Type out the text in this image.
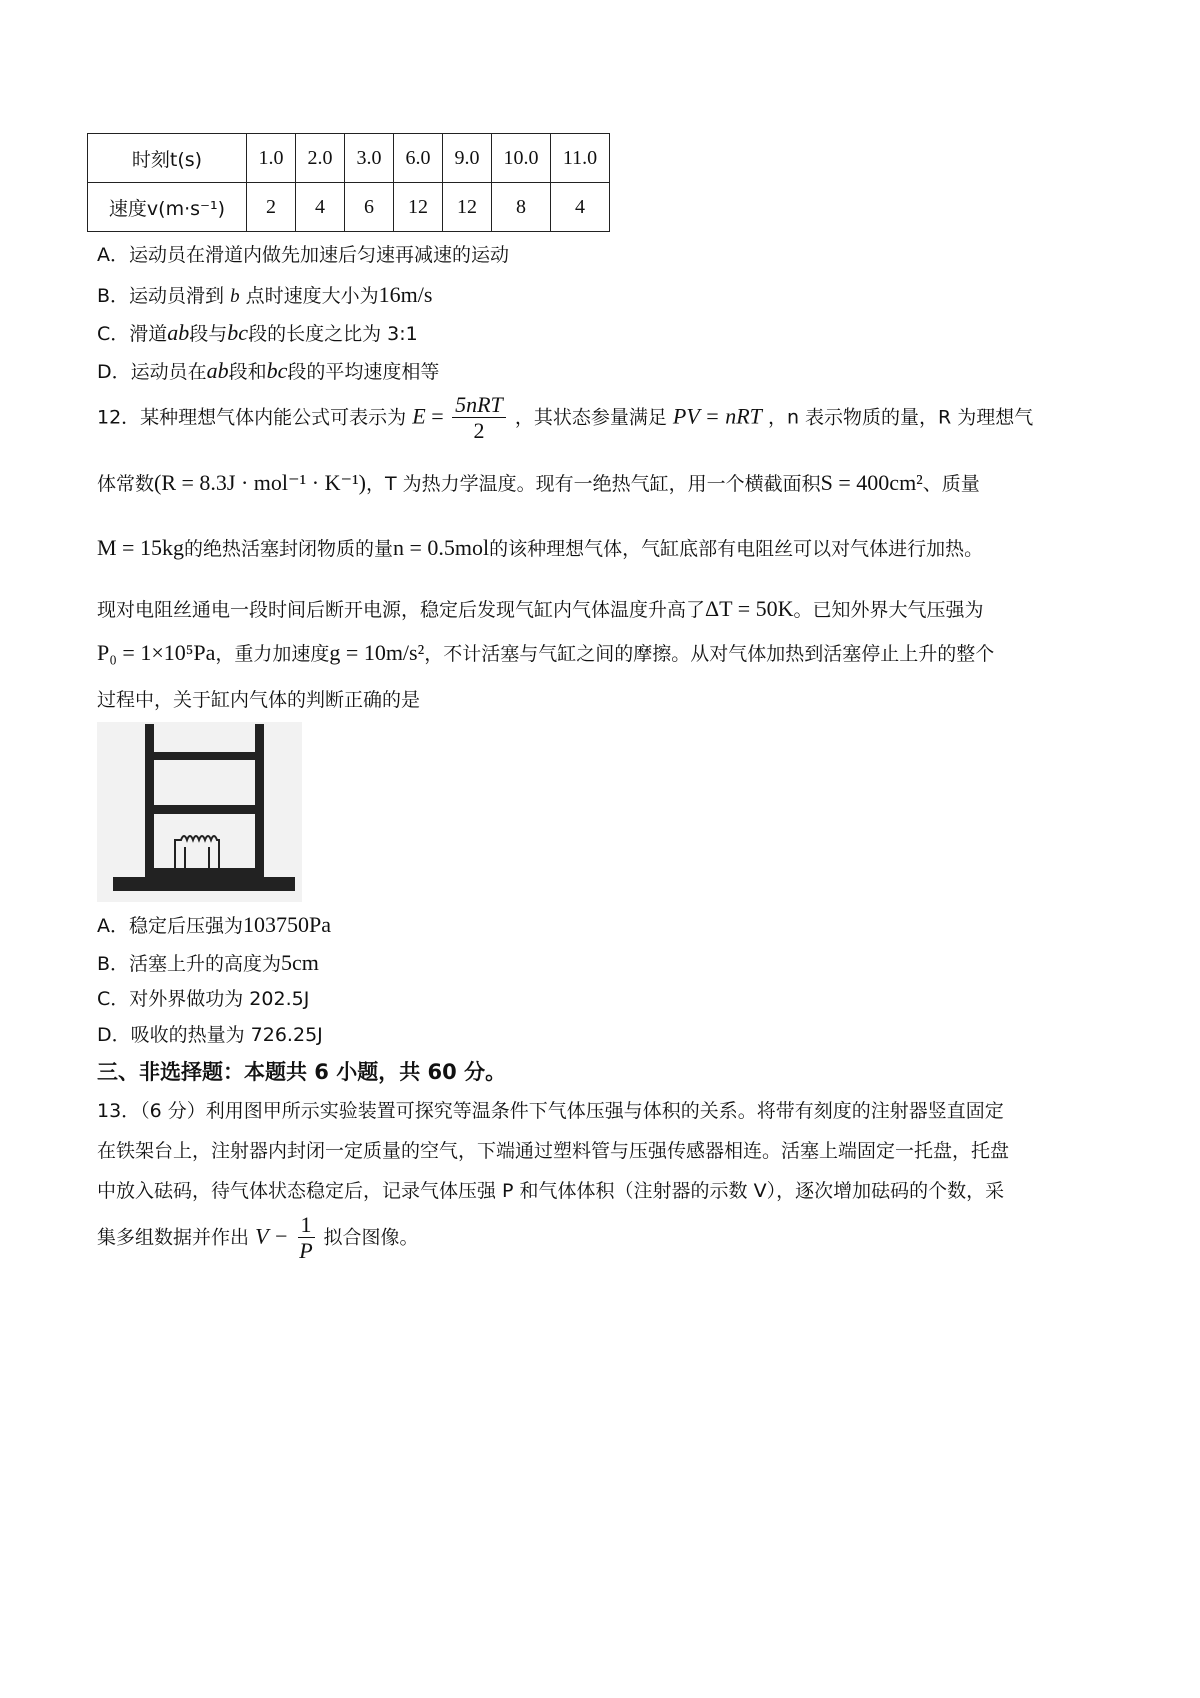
时刻t(s)	1.0	2.0	3.0	6.0	9.0	10.0	11.0
速度v(m·s⁻¹)	2	4	6	12	12	8	4
A．运动员在滑道内做先加速后匀速再减速的运动
B．运动员滑到 b 点时速度大小为16m/s
C．滑道ab段与bc段的长度之比为 3:1
D．运动员在ab段和bc段的平均速度相等
12．某种理想气体内能公式可表示为 $E = \frac{\text{5nRT}}{2}$ ，其状态参量满足 PV = nRT ，n 表示物质的量，R 为理想气
体常数(R = 8.3J · mol⁻¹ · K⁻¹)，T 为热力学温度。现有一绝热气缸，用一个横截面积S = 400cm²、质量
M = 15kg的绝热活塞封闭物质的量n = 0.5mol的该种理想气体，气缸底部有电阻丝可以对气体进行加热。
现对电阻丝通电一段时间后断开电源，稳定后发现气缸内气体温度升高了ΔT = 50K。已知外界大气压强为
P₀ = 1×10⁵Pa，重力加速度g = 10m/s²，不计活塞与气缸之间的摩擦。从对气体加热到活塞停止上升的整个
过程中，关于缸内气体的判断正确的是
A．稳定后压强为103750Pa
B．活塞上升的高度为5cm
C．对外界做功为 202.5J
D．吸收的热量为 726.25J
三、非选择题：本题共 6 小题，共 60 分。
13．（6 分）利用图甲所示实验装置可探究等温条件下气体压强与体积的关系。将带有刻度的注射器竖直固定
在铁架台上，注射器内封闭一定质量的空气，下端通过塑料管与压强传感器相连。活塞上端固定一托盘，托盘
中放入砝码，待气体状态稳定后，记录气体压强 P 和气体体积（注射器的示数 V），逐次增加砝码的个数，采
集多组数据并作出 $V - \frac{1}{P}$ 拟合图像。
